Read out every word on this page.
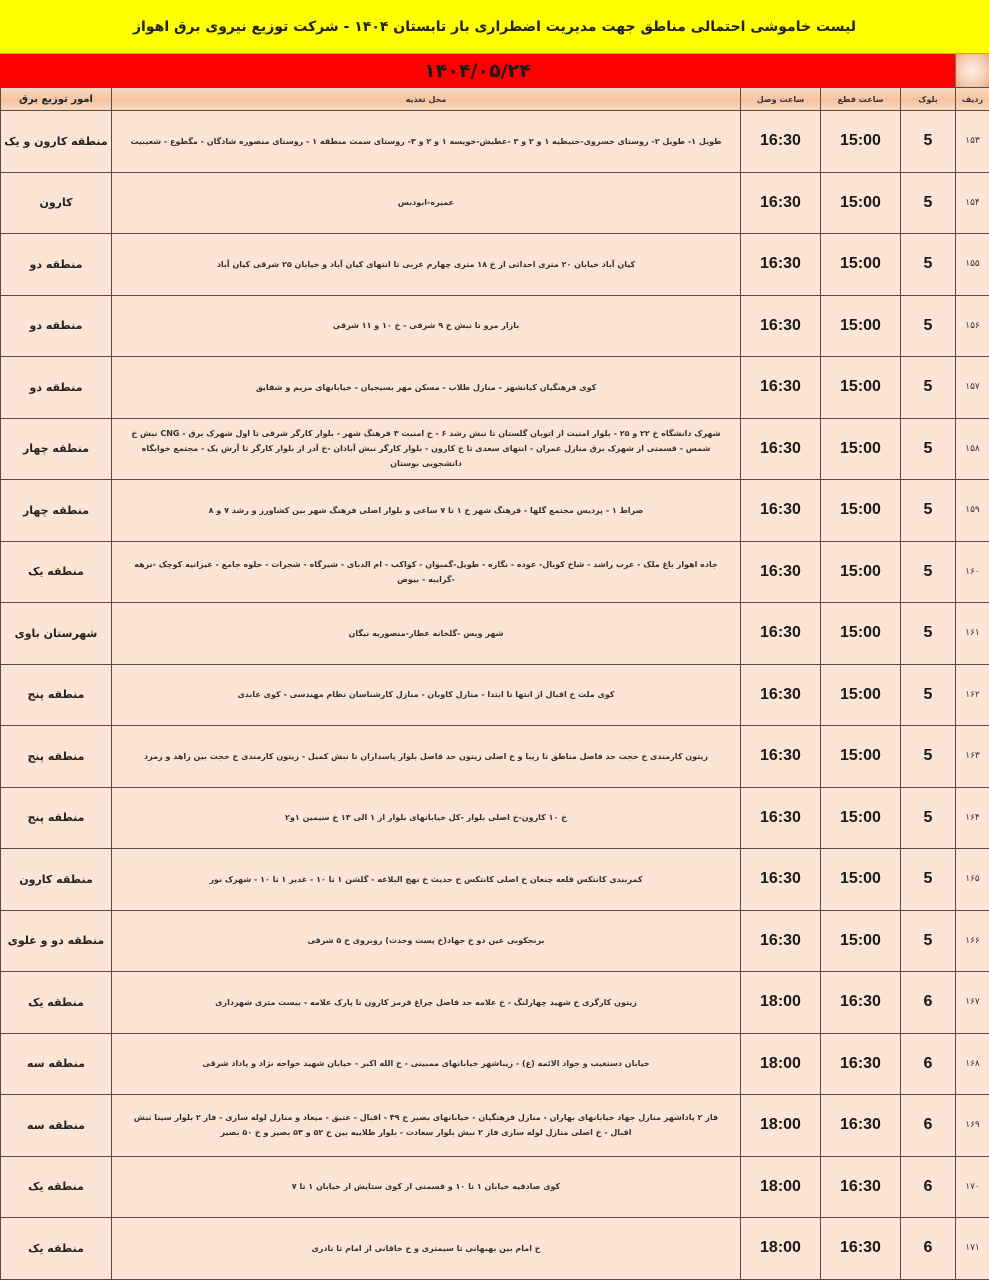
لیست خاموشی احتمالی مناطق جهت مدیریت اضطراری بار تابستان ۱۴۰۴ - شرکت توزیع نیروی برق اهواز
۱۴۰۴/۰۵/۲۴
امور توزیع برق	محل تغذیه	ساعت وصل	ساعت قطع	بلوک	ردیف
منطقه کارون و یک	طویل ۱- طویل ۲- روستای خسروی-حنیطیه ۱ و ۲ و ۳ -عطیش-خویسه ۱ و ۲ و ۳- روستای سمت منطقه ۱ - روستای منصوره شادگان - مگطوع - شعیبیت	16:30	15:00	5	۱۵۳
کارون	عمیره-ابودبس	16:30	15:00	5	۱۵۴
منطقه دو	کیان آباد خیابان ۲۰ متری احداثی از خ ۱۸ متری چهارم غربی تا انتهای کیان آباد و خیابان ۲۵ شرقی کیان آباد	16:30	15:00	5	۱۵۵
منطقه دو	بازار مرو تا نبش خ ۹ شرقی - خ ۱۰ و ۱۱ شرقی	16:30	15:00	5	۱۵۶
منطقه دو	کوی فرهنگیان کیانشهر - منازل طلاب - مسکن مهر بسیجیان - خیابانهای مریم و شقایق	16:30	15:00	5	۱۵۷
منطقه چهار	شهرک دانشگاه خ ۲۲ و ۲۵ - بلوار امنیت از اتوبان گلستان تا نبش رشد ۶ - خ امنیت ۳ فرهنگ شهر - بلوار کارگر شرقی تا اول شهرک برق - CNG نبش خ شمس - قسمتی از شهرک برق منازل عمران - انتهای سعدی تا خ کارون - بلوار کارگر نبش آبادان -خ آذر از بلوار کارگر تا آرش یک - مجتمع خوابگاه دانشجویی بوستان	16:30	15:00	5	۱۵۸
منطقه چهار	صراط ۱ - پردیس مجتمع گلها - فرهنگ شهر خ ۱ تا ۷ ساعی و بلوار اصلی فرهنگ شهر بین کشاورز و رشد ۷ و ۸	16:30	15:00	5	۱۵۹
منطقه یک	جاده اهواز باغ ملک - عرب راشد - شاخ کوبال- عوده - نگازه - طویل-گمبوان - کواکب - ام الدبای - شیرگاه - شجرات - حلوه جامع - غیزانیه کوچک -نزهه -گرایبه - بیوض	16:30	15:00	5	۱۶۰
شهرستان باوی	شهر ویس -گلخانه عطار-منصوریه نیگان	16:30	15:00	5	۱۶۱
منطقه پنج	کوی ملت خ اقبال از انتها تا ابتدا - منازل کاویان - منازل کارشناسان نظام مهندسی - کوی عابدی	16:30	15:00	5	۱۶۲
منطقه پنج	زیتون کارمندی خ حجت حد فاصل مناطق تا زیبا و خ اصلی زیتون حد فاصل بلوار پاسداران تا نبش کمیل - زیتون کارمندی خ حجت بین زاهد و زمرد	16:30	15:00	5	۱۶۳
منطقه پنج	خ ۱۰ کارون-خ اصلی بلوار -کل خیابانهای بلوار از ۱ الی ۱۳ خ سیمین ۱و۲	16:30	15:00	5	۱۶۴
منطقه کارون	کمربندی کانتکس قلعه چنعان خ اصلی کانتکس خ حدیث خ نهج البلاغه - گلشن ۱ تا ۱۰ - غدیر ۱ تا ۱۰ - شهرک نور	16:30	15:00	5	۱۶۵
منطقه دو و علوی	برنجکوبی عین دو خ جهاد(خ پست وحدت) روبروی خ ۵ شرقی	16:30	15:00	5	۱۶۶
منطقه یک	زیتون کارگری خ شهید چهارلنگ - خ علامه حد فاصل چراغ قرمز کارون تا پارک علامه - بیست متری شهرداری	18:00	16:30	6	۱۶۷
منطقه سه	خیابان دستغیب و جواد الائمه (ع) - زیباشهر خیابانهای ممبینی - خ الله اکبر - خیابان شهید خواجه نژاد و پاداد شرقی	18:00	16:30	6	۱۶۸
منطقه سه	فاز ۲ پاداشهر منازل جهاد خیابانهای بهاران - منازل فرهنگیان - خیابانهای بصیر خ ۴۹ - اقبال - عتیق - میعاد و منازل لوله سازی - فاز ۲ بلوار سینا نبش اقبال - خ اصلی منازل لوله سازی فاز ۲ نبش بلوار سعادت - بلوار طلاییه بین خ ۵۲ و ۵۳ بصیر و خ ۵۰ بصیر	18:00	16:30	6	۱۶۹
منطقه یک	کوی صادقیه خیابان ۱ تا ۱۰ و قسمتی از کوی ستایش از خیابان ۱ تا ۷	18:00	16:30	6	۱۷۰
منطقه یک	خ امام بین بهبهانی تا سیمتری و خ خاقانی از امام تا نادری	18:00	16:30	6	۱۷۱
